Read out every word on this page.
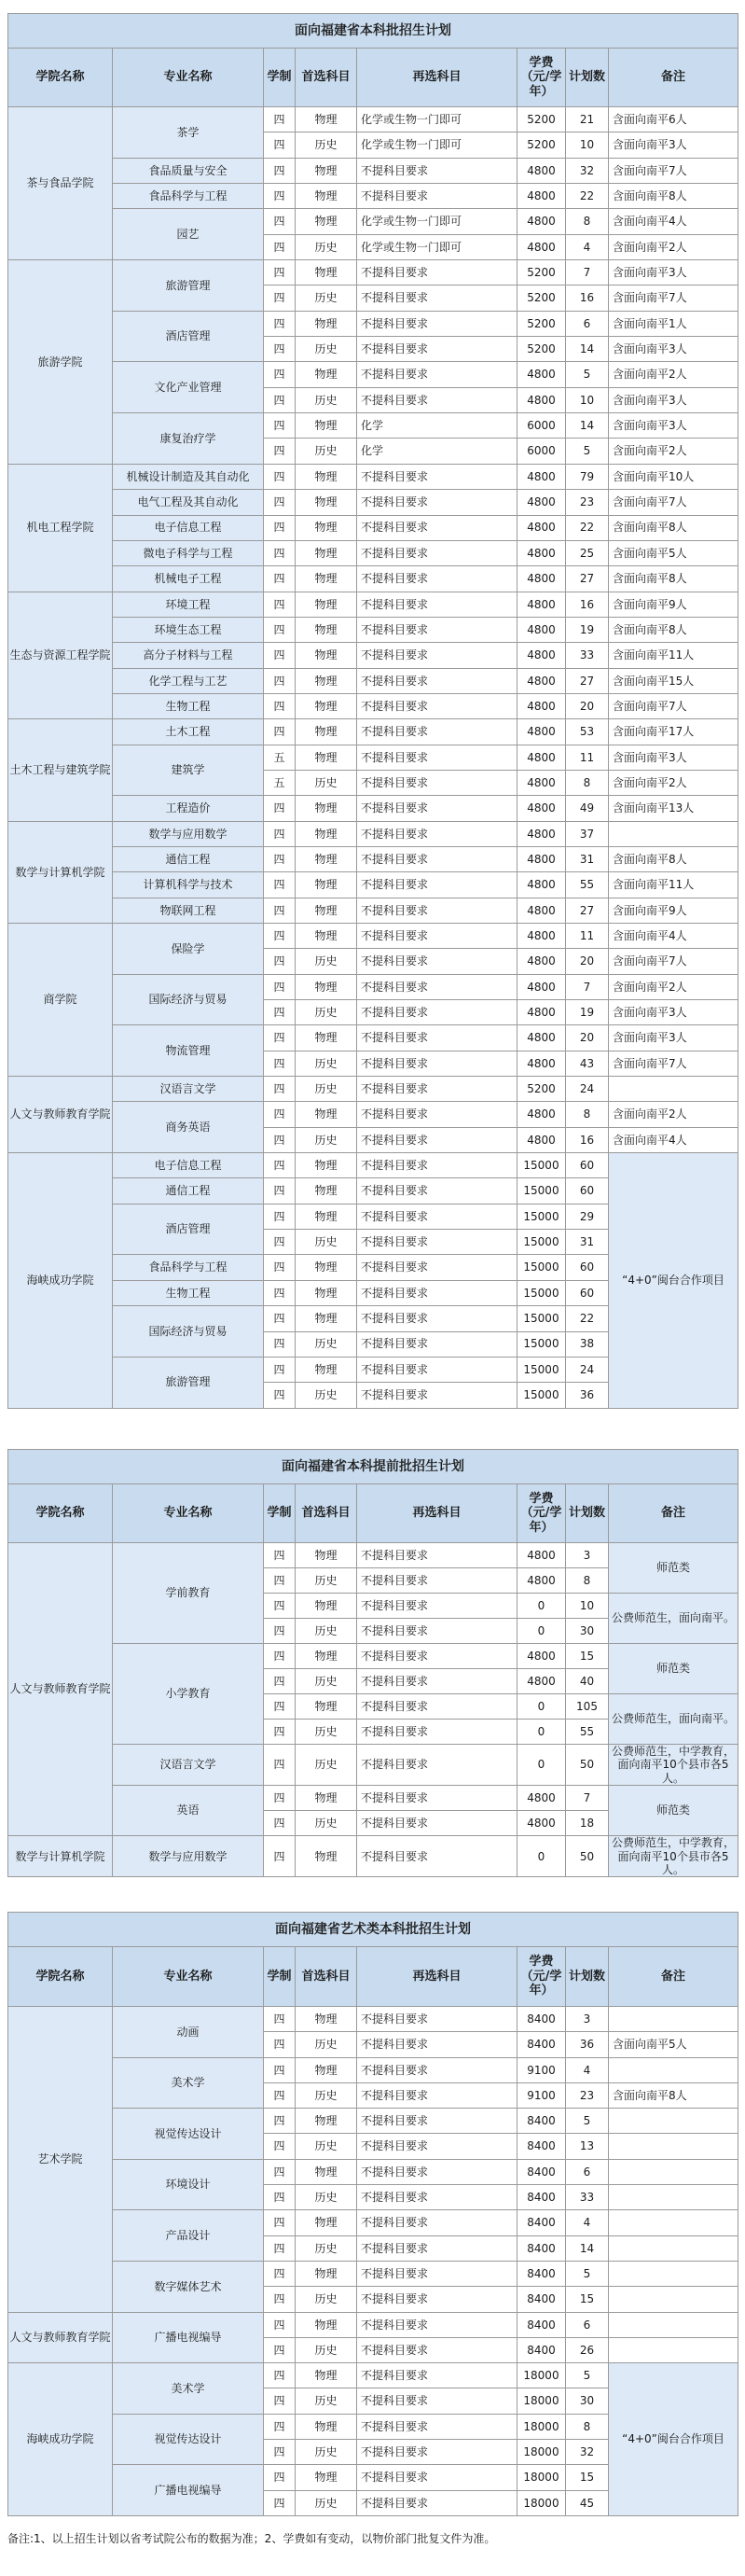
面向福建省本科批招生计划							
学院名称	专业名称	学制	首选科目	再选科目	学费（元/学年）	计划数	备注
茶与食品学院	茶学	四	物理	化学或生物一门即可	5200	21	含面向南平6人
		四	历史	化学或生物一门即可	5200	10	含面向南平3人
	食品质量与安全	四	物理	不提科目要求	4800	32	含面向南平7人
	食品科学与工程	四	物理	不提科目要求	4800	22	含面向南平8人
	园艺	四	物理	化学或生物一门即可	4800	8	含面向南平4人
		四	历史	化学或生物一门即可	4800	4	含面向南平2人
旅游学院	旅游管理	四	物理	不提科目要求	5200	7	含面向南平3人
		四	历史	不提科目要求	5200	16	含面向南平7人
	酒店管理	四	物理	不提科目要求	5200	6	含面向南平1人
		四	历史	不提科目要求	5200	14	含面向南平3人
	文化产业管理	四	物理	不提科目要求	4800	5	含面向南平2人
		四	历史	不提科目要求	4800	10	含面向南平3人
	康复治疗学	四	物理	化学	6000	14	含面向南平3人
		四	历史	化学	6000	5	含面向南平2人
机电工程学院	机械设计制造及其自动化	四	物理	不提科目要求	4800	79	含面向南平10人
	电气工程及其自动化	四	物理	不提科目要求	4800	23	含面向南平7人
	电子信息工程	四	物理	不提科目要求	4800	22	含面向南平8人
	微电子科学与工程	四	物理	不提科目要求	4800	25	含面向南平5人
	机械电子工程	四	物理	不提科目要求	4800	27	含面向南平8人
生态与资源工程学院	环境工程	四	物理	不提科目要求	4800	16	含面向南平9人
	环境生态工程	四	物理	不提科目要求	4800	19	含面向南平8人
	高分子材料与工程	四	物理	不提科目要求	4800	33	含面向南平11人
	化学工程与工艺	四	物理	不提科目要求	4800	27	含面向南平15人
	生物工程	四	物理	不提科目要求	4800	20	含面向南平7人
土木工程与建筑学院	土木工程	四	物理	不提科目要求	4800	53	含面向南平17人
	建筑学	五	物理	不提科目要求	4800	11	含面向南平3人
		五	历史	不提科目要求	4800	8	含面向南平2人
	工程造价	四	物理	不提科目要求	4800	49	含面向南平13人
数学与计算机学院	数学与应用数学	四	物理	不提科目要求	4800	37	
	通信工程	四	物理	不提科目要求	4800	31	含面向南平8人
	计算机科学与技术	四	物理	不提科目要求	4800	55	含面向南平11人
	物联网工程	四	物理	不提科目要求	4800	27	含面向南平9人
商学院	保险学	四	物理	不提科目要求	4800	11	含面向南平4人
		四	历史	不提科目要求	4800	20	含面向南平7人
	国际经济与贸易	四	物理	不提科目要求	4800	7	含面向南平2人
		四	历史	不提科目要求	4800	19	含面向南平3人
	物流管理	四	物理	不提科目要求	4800	20	含面向南平3人
		四	历史	不提科目要求	4800	43	含面向南平7人
人文与教师教育学院	汉语言文学	四	历史	不提科目要求	5200	24	
	商务英语	四	物理	不提科目要求	4800	8	含面向南平2人
		四	历史	不提科目要求	4800	16	含面向南平4人
海峡成功学院	电子信息工程	四	物理	不提科目要求	15000	60	“4+0”闽台合作项目
	通信工程	四	物理	不提科目要求	15000	60	
	酒店管理	四	物理	不提科目要求	15000	29	
		四	历史	不提科目要求	15000	31	
	食品科学与工程	四	物理	不提科目要求	15000	60	
	生物工程	四	物理	不提科目要求	15000	60	
	国际经济与贸易	四	物理	不提科目要求	15000	22	
		四	历史	不提科目要求	15000	38	
	旅游管理	四	物理	不提科目要求	15000	24	
		四	历史	不提科目要求	15000	36	
面向福建省本科提前批招生计划							
学院名称	专业名称	学制	首选科目	再选科目	学费（元/学年）	计划数	备注
人文与教师教育学院	学前教育	四	物理	不提科目要求	4800	3	师范类
		四	历史	不提科目要求	4800	8	
		四	物理	不提科目要求	0	10	公费师范生，面向南平。
		四	历史	不提科目要求	0	30	
	小学教育	四	物理	不提科目要求	4800	15	师范类
		四	历史	不提科目要求	4800	40	
		四	物理	不提科目要求	0	105	公费师范生，面向南平。
		四	历史	不提科目要求	0	55	
	汉语言文学	四	历史	不提科目要求	0	50	公费师范生，中学教育，面向南平10个县市各5人。
	英语	四	物理	不提科目要求	4800	7	师范类
		四	历史	不提科目要求	4800	18	
数学与计算机学院	数学与应用数学	四	物理	不提科目要求	0	50	公费师范生，中学教育，面向南平10个县市各5人。
面向福建省艺术类本科批招生计划							
学院名称	专业名称	学制	首选科目	再选科目	学费（元/学年）	计划数	备注
艺术学院	动画	四	物理	不提科目要求	8400	3	
		四	历史	不提科目要求	8400	36	含面向南平5人
	美术学	四	物理	不提科目要求	9100	4	
		四	历史	不提科目要求	9100	23	含面向南平8人
	视觉传达设计	四	物理	不提科目要求	8400	5	
		四	历史	不提科目要求	8400	13	
	环境设计	四	物理	不提科目要求	8400	6	
		四	历史	不提科目要求	8400	33	
	产品设计	四	物理	不提科目要求	8400	4	
		四	历史	不提科目要求	8400	14	
	数字媒体艺术	四	物理	不提科目要求	8400	5	
		四	历史	不提科目要求	8400	15	
人文与教师教育学院	广播电视编导	四	物理	不提科目要求	8400	6	
		四	历史	不提科目要求	8400	26	
海峡成功学院	美术学	四	物理	不提科目要求	18000	5	“4+0”闽台合作项目
		四	历史	不提科目要求	18000	30	
	视觉传达设计	四	物理	不提科目要求	18000	8	
		四	历史	不提科目要求	18000	32	
	广播电视编导	四	物理	不提科目要求	18000	15	
		四	历史	不提科目要求	18000	45	
备注:1、以上招生计划以省考试院公布的数据为准；2、学费如有变动，以物价部门批复文件为准。
